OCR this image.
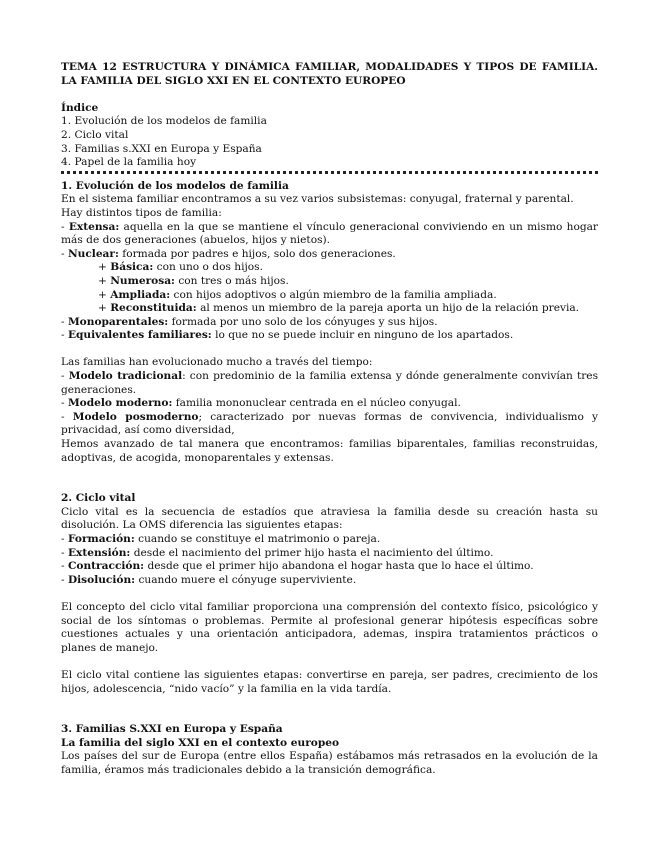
TEMA 12 ESTRUCTURA Y DINÁMICA FAMILIAR, MODALIDADES Y TIPOS DE FAMILIA. LA FAMILIA DEL SIGLO XXI EN EL CONTEXTO EUROPEO

Índice

1. Evolución de los modelos de familia

2. Ciclo vital

3. Familias s.XXI en Europa y España

4. Papel de la familia hoy

1. Evolución de los modelos de familia

En el sistema familiar encontramos a su vez varios subsistemas: conyugal, fraternal y parental.

Hay distintos tipos de familia:

- Extensa: aquella en la que se mantiene el vínculo generacional conviviendo en un mismo hogar más de dos generaciones (abuelos, hijos y nietos).

- Nuclear: formada por padres e hijos, solo dos generaciones.

+ Básica: con uno o dos hijos.

+ Numerosa: con tres o más hijos.

+ Ampliada: con hijos adoptivos o algún miembro de la familia ampliada.

+ Reconstituida: al menos un miembro de la pareja aporta un hijo de la relación previa.

- Monoparentales: formada por uno solo de los cónyuges y sus hijos.

- Equivalentes familiares: lo que no se puede incluir en ninguno de los apartados.

Las familias han evolucionado mucho a través del tiempo:

- Modelo tradicional: con predominio de la familia extensa y dónde generalmente convivían tres generaciones.

- Modelo moderno: familia mononuclear centrada en el núcleo conyugal.

- Modelo posmoderno; caracterizado por nuevas formas de convivencia, individualismo y privacidad, así como diversidad,

Hemos avanzado de tal manera que encontramos: familias biparentales, familias reconstruidas, adoptivas, de acogida, monoparentales y extensas.

2. Ciclo vital

Ciclo vital es la secuencia de estadíos que atraviesa la familia desde su creación hasta su disolución. La OMS diferencia las siguientes etapas:

- Formación: cuando se constituye el matrimonio o pareja.

- Extensión: desde el nacimiento del primer hijo hasta el nacimiento del último.

- Contracción: desde que el primer hijo abandona el hogar hasta que lo hace el último.

- Disolución: cuando muere el cónyuge superviviente.

El concepto del ciclo vital familiar proporciona una comprensión del contexto físico, psicológico y social de los síntomas o problemas. Permite al profesional generar hipótesis específicas sobre cuestiones actuales y una orientación anticipadora, ademas, inspira tratamientos prácticos o planes de manejo.

El ciclo vital contiene las siguientes etapas: convertirse en pareja, ser padres, crecimiento de los hijos, adolescencia, “nido vacío” y la familia en la vida tardía.

3. Familias S.XXI en Europa y España

La familia del siglo XXI en el contexto europeo

Los países del sur de Europa (entre ellos España) estábamos más retrasados en la evolución de la familia, éramos más tradicionales debido a la transición demográfica.
